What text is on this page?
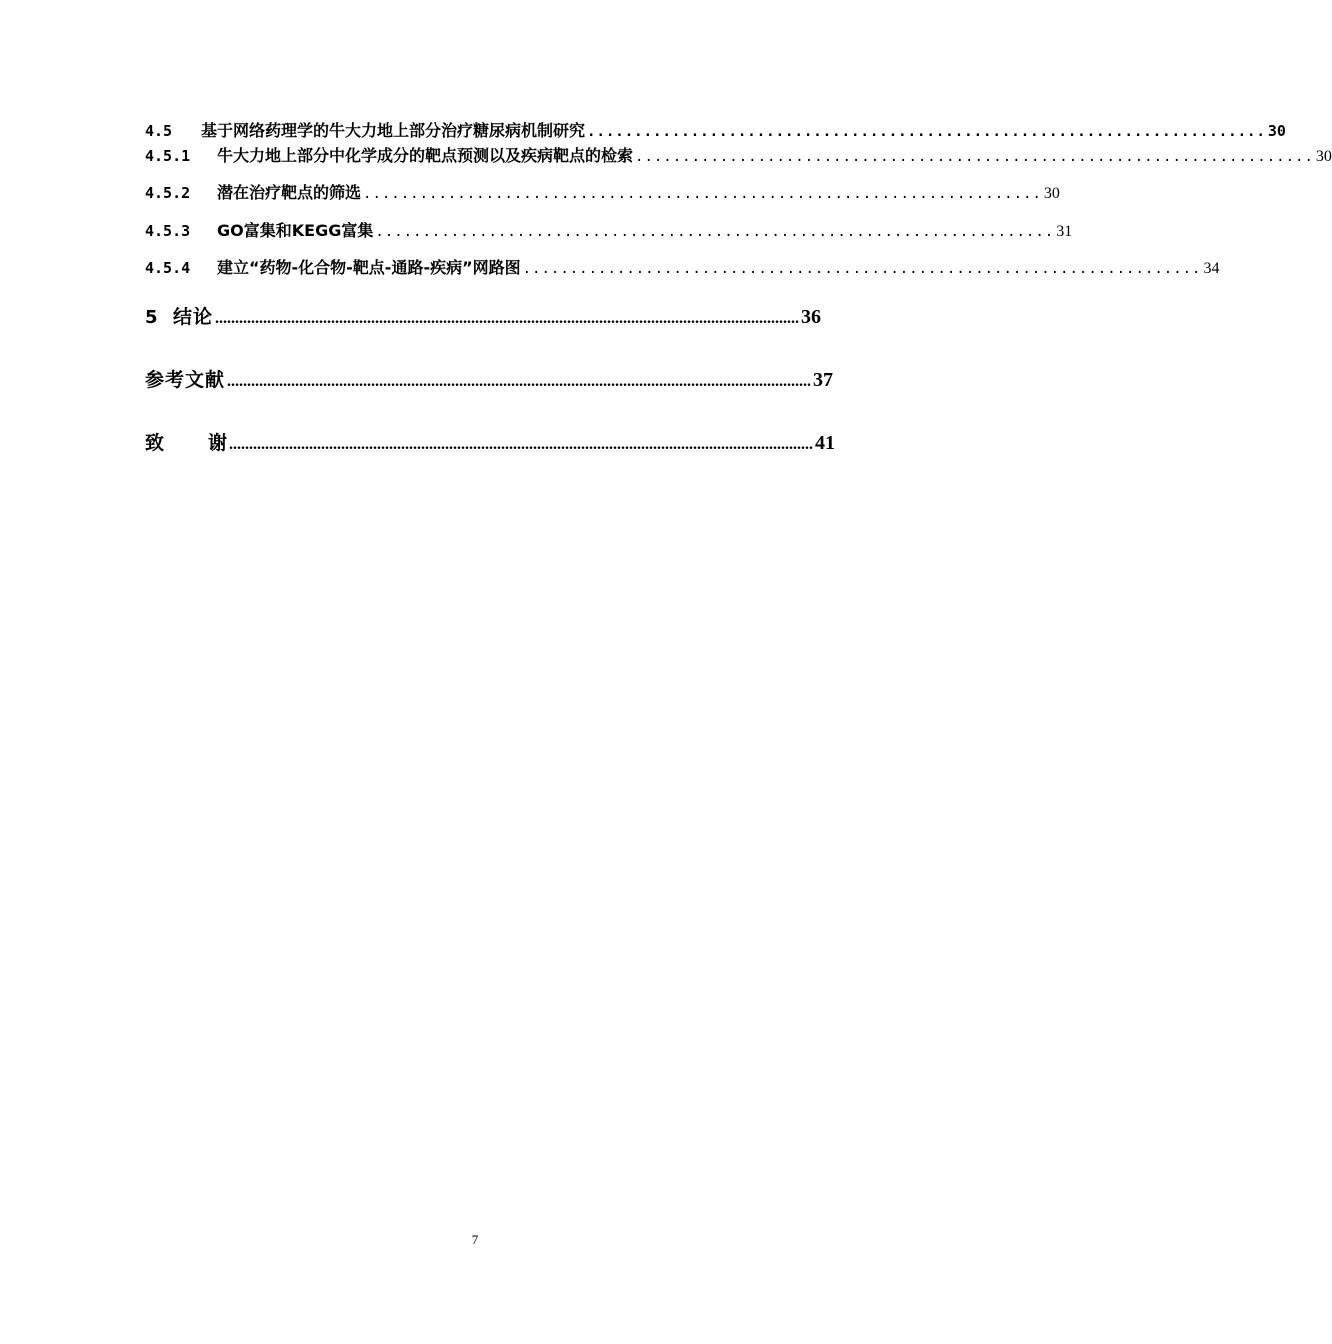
4.5	基于网络药理学的牛大力地上部分治疗糖尿病机制研究 ........................................................................ 30
4.5.1	牛大力地上部分中化学成分的靶点预测以及疾病靶点的检索 ........................................................................ 30
4.5.2	潜在治疗靶点的筛选 ........................................................................ 30
4.5.3	GO富集和KEGG富集 ........................................................................ 31
4.5.4	建立“药物-化合物-靶点-通路-疾病”网路图 ........................................................................ 34
5 结论 .................................................................................................................................................. 36
参考文献 .................................................................................................................................................. 37
致 谢 .................................................................................................................................................. 41
7
